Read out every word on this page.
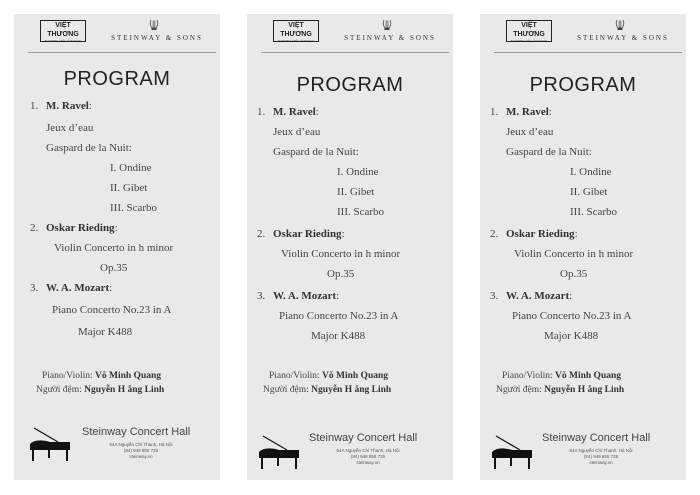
VIỆT THƯƠNG
THƯƠNG HIỆU ÂM NHẠC	STEINWAY & SONS
PROGRAM
1. M. Ravel:
Jeux d’eau
Gaspard de la Nuit:
I. Ondine
II. Gibet
III. Scarbo
2. Oskar Rieding:
Violin Concerto in h minor
Op.35
3. W. A. Mozart:
Piano Concerto No.23 in A
Major K488
Piano/Violin: Võ Minh Quang
Người đệm: Nguyễn H ằng Linh
Steinway Concert Hall
54A Nguyễn Chí Thanh, Hà Nội
(84) 948 855 726
steinway.vn
VIỆT THƯƠNG
THƯƠNG HIỆU ÂM NHẠC	STEINWAY & SONS
PROGRAM
1. M. Ravel:
Jeux d’eau
Gaspard de la Nuit:
I. Ondine
II. Gibet
III. Scarbo
2. Oskar Rieding:
Violin Concerto in h minor
Op.35
3. W. A. Mozart:
Piano Concerto No.23 in A
Major K488
Piano/Violin: Võ Minh Quang
Người đệm: Nguyễn H ằng Linh
Steinway Concert Hall
54A Nguyễn Chí Thanh, Hà Nội
(84) 948 855 726
steinway.vn
VIỆT THƯƠNG
THƯƠNG HIỆU ÂM NHẠC	STEINWAY & SONS
PROGRAM
1. M. Ravel:
Jeux d’eau
Gaspard de la Nuit:
I. Ondine
II. Gibet
III. Scarbo
2. Oskar Rieding:
Violin Concerto in h minor
Op.35
3. W. A. Mozart:
Piano Concerto No.23 in A
Major K488
Piano/Violin: Võ Minh Quang
Người đệm: Nguyễn H ằng Linh
Steinway Concert Hall
54A Nguyễn Chí Thanh, Hà Nội
(84) 948 855 726
steinway.vn
